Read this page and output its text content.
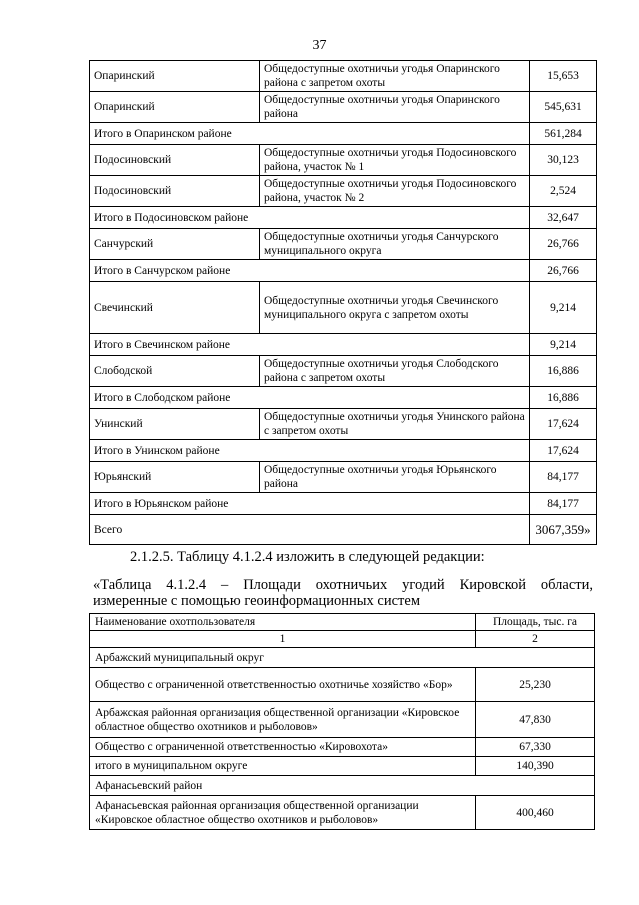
37
Опаринский	Общедоступные охотничьи угодья Опаринского района с запретом охоты	15,653
Опаринский	Общедоступные охотничьи угодья Опаринского района	545,631
Итого в Опаринском районе		561,284
Подосиновский	Общедоступные охотничьи угодья Подосиновского района, участок № 1	30,123
Подосиновский	Общедоступные охотничьи угодья Подосиновского района, участок № 2	2,524
Итого в Подосиновском районе		32,647
Санчурский	Общедоступные охотничьи угодья Санчурского муниципального округа	26,766
Итого в Санчурском районе		26,766
Свечинский	Общедоступные охотничьи угодья Свечинского муниципального округа с запретом охоты	9,214
Итого в Свечинском районе		9,214
Слободской	Общедоступные охотничьи угодья Слободского района с запретом охоты	16,886
Итого в Слободском районе		16,886
Унинский	Общедоступные охотничьи угодья Унинского района с запретом охоты	17,624
Итого в Унинском районе		17,624
Юрьянский	Общедоступные охотничьи угодья Юрьянского района	84,177
Итого в Юрьянском районе		84,177
Всего		3067,359»
2.1.2.5. Таблицу 4.1.2.4 изложить в следующей редакции:
«Таблица 4.1.2.4 – Площади охотничьих угодий Кировской области,
измеренные с помощью геоинформационных систем
Наименование охотпользователя	Площадь, тыс. га
1	2
Арбажский муниципальный округ	
Общество с ограниченной ответственностью охотничье хозяйство «Бор»	25,230
Арбажская районная организация общественной организации «Кировское областное общество охотников и рыболовов»	47,830
Общество с ограниченной ответственностью «Кировохота»	67,330
итого в муниципальном округе	140,390
Афанасьевский район	
Афанасьевская районная организация общественной организации «Кировское областное общество охотников и рыболовов»	400,460
